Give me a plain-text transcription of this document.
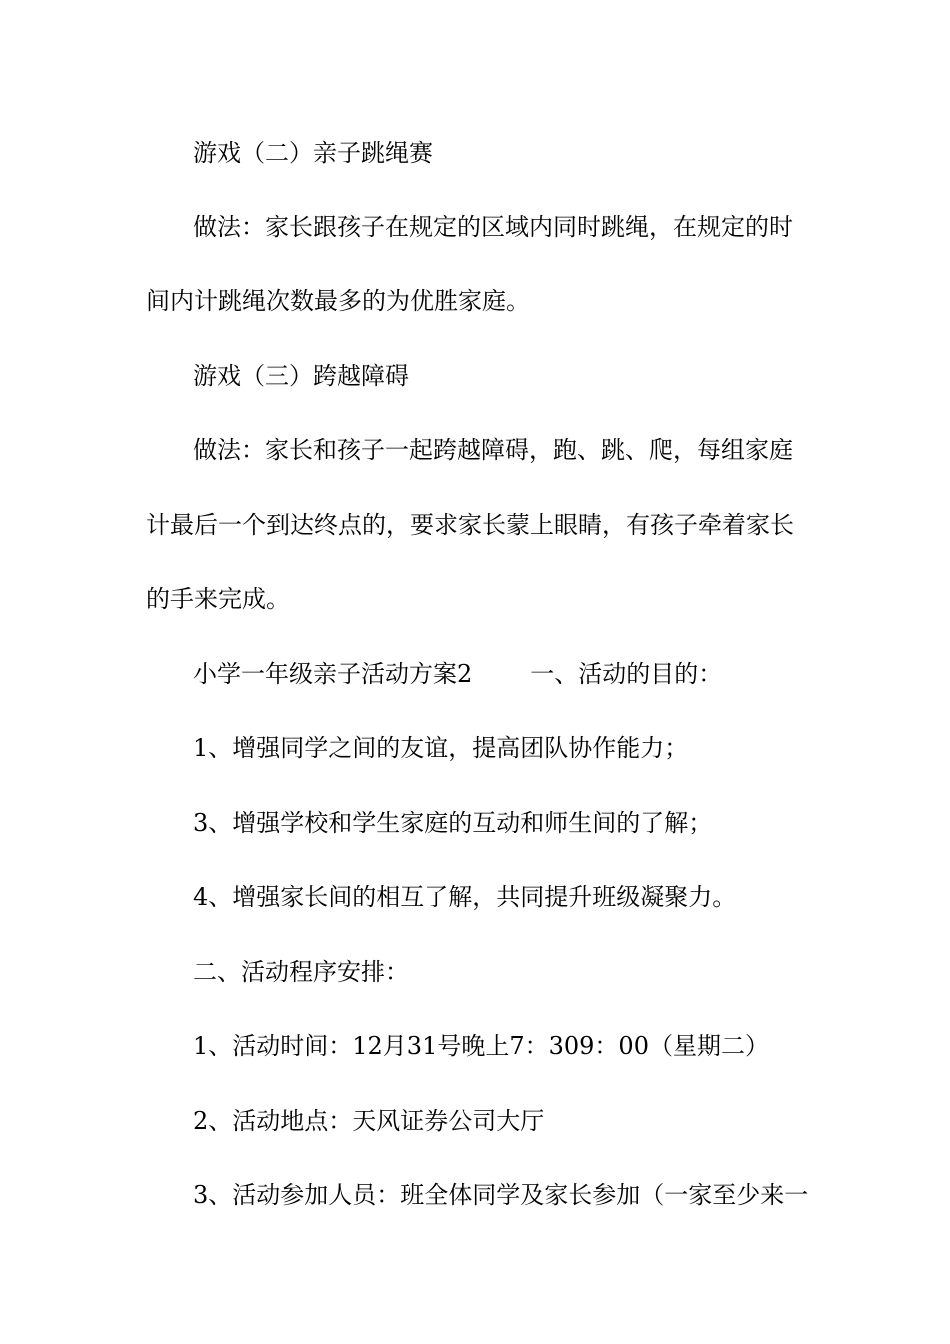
游戏（二）亲子跳绳赛
做法：家长跟孩子在规定的区域内同时跳绳，在规定的时
间内计跳绳次数最多的为优胜家庭。
游戏（三）跨越障碍
做法：家长和孩子一起跨越障碍，跑、跳、爬，每组家庭
计最后一个到达终点的，要求家长蒙上眼睛，有孩子牵着家长
的手来完成。
小学一年级亲子活动方案2 一、活动的目的：
1、增强同学之间的友谊，提高团队协作能力；
3、增强学校和学生家庭的互动和师生间的了解；
4、增强家长间的相互了解，共同提升班级凝聚力。
二、活动程序安排：
1、活动时间：12月31号晚上7：309：00（星期二）
2、活动地点：天风证券公司大厅
3、活动参加人员：班全体同学及家长参加（一家至少来一
